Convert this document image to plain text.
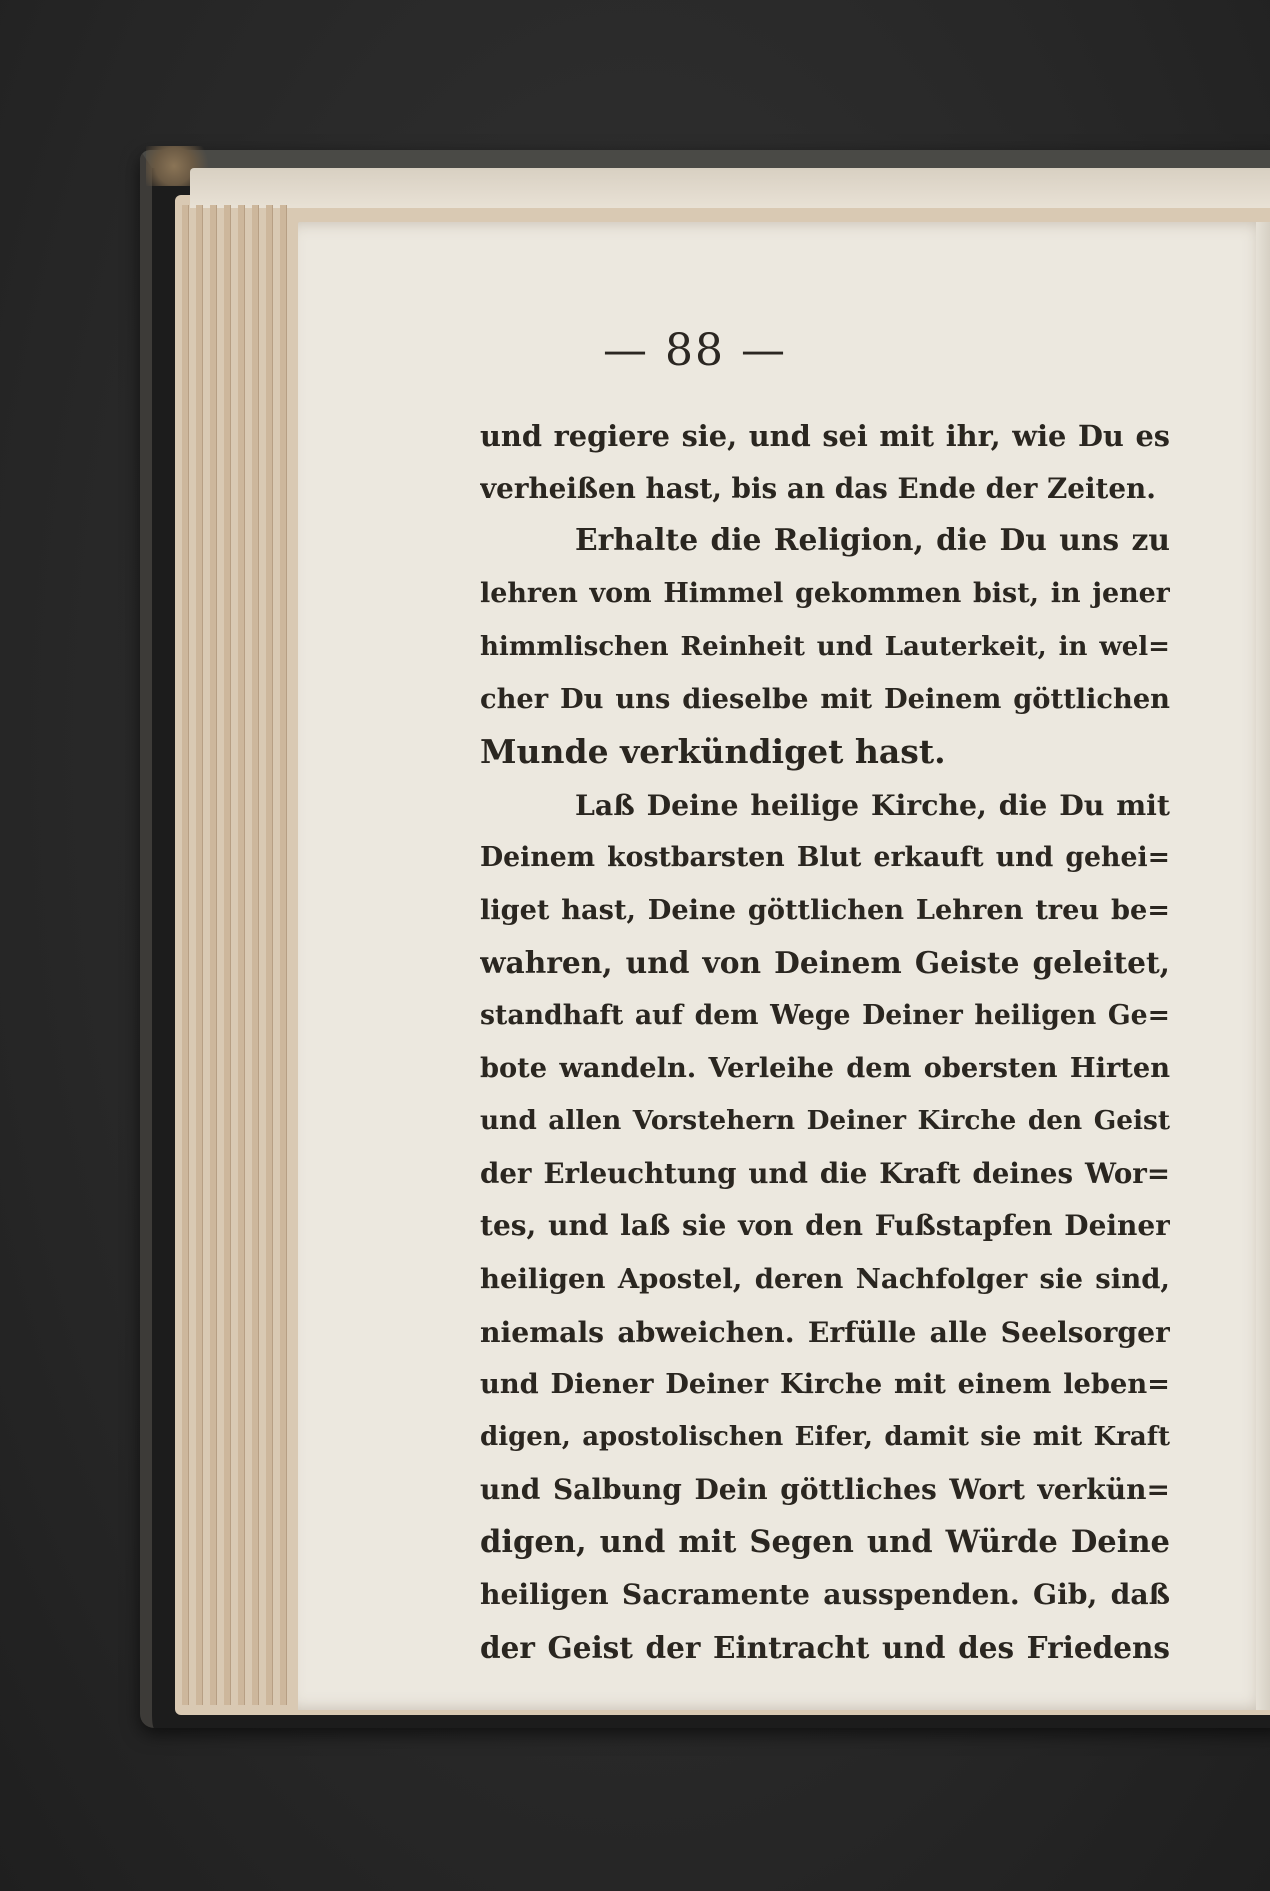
— 88 —
und regiere sie, und sei mit ihr, wie Du es
verheißen hast, bis an das Ende der Zeiten.
Erhalte die Religion, die Du uns zu
lehren vom Himmel gekommen bist, in jener
himmlischen Reinheit und Lauterkeit, in wel=
cher Du uns dieselbe mit Deinem göttlichen
Munde verkündiget hast.
Laß Deine heilige Kirche, die Du mit
Deinem kostbarsten Blut erkauft und gehei=
liget hast, Deine göttlichen Lehren treu be=
wahren, und von Deinem Geiste geleitet,
standhaft auf dem Wege Deiner heiligen Ge=
bote wandeln. Verleihe dem obersten Hirten
und allen Vorstehern Deiner Kirche den Geist
der Erleuchtung und die Kraft deines Wor=
tes, und laß sie von den Fußstapfen Deiner
heiligen Apostel, deren Nachfolger sie sind,
niemals abweichen. Erfülle alle Seelsorger
und Diener Deiner Kirche mit einem leben=
digen, apostolischen Eifer, damit sie mit Kraft
und Salbung Dein göttliches Wort verkün=
digen, und mit Segen und Würde Deine
heiligen Sacramente ausspenden. Gib, daß
der Geist der Eintracht und des Friedens
